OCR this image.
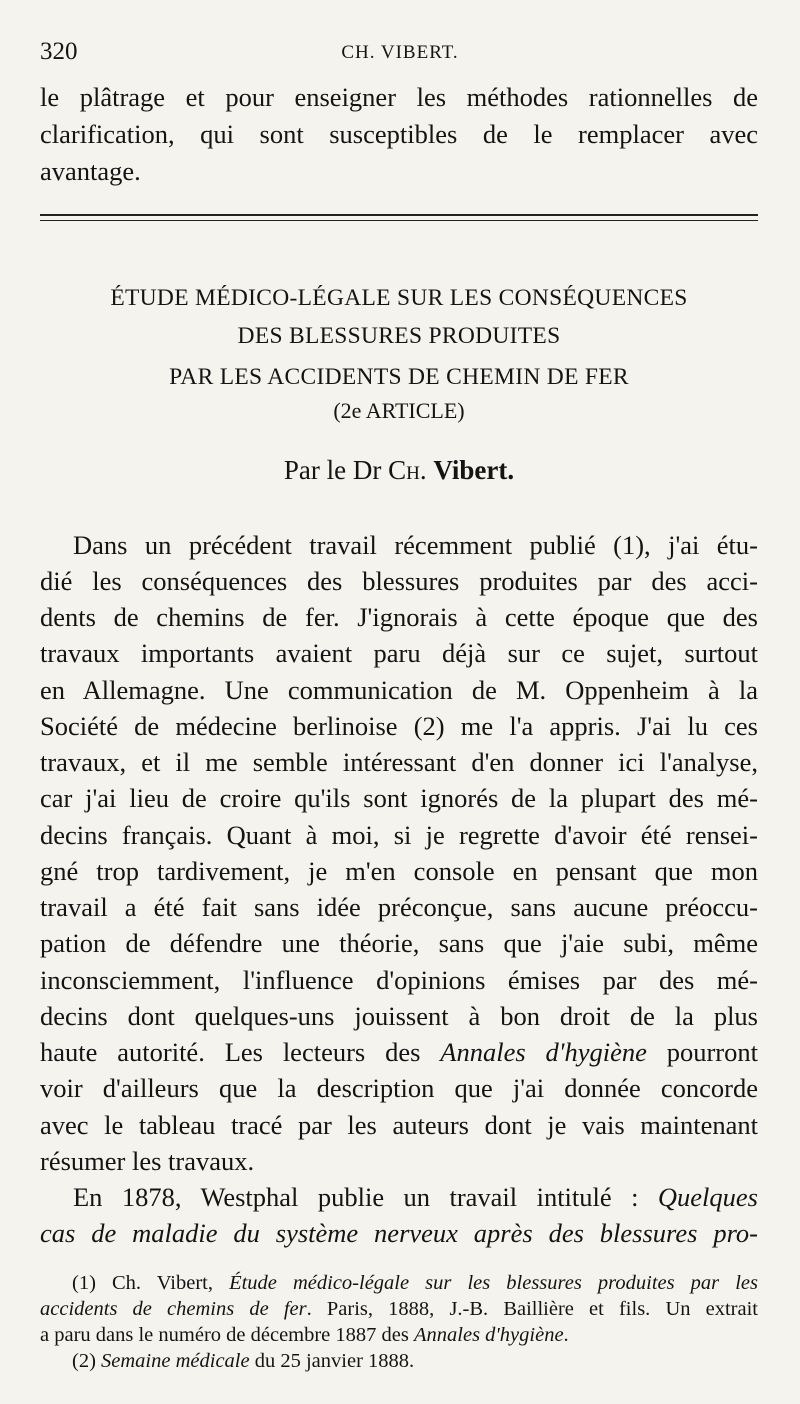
320	CH. VIBERT.
le plâtrage et pour enseigner les méthodes rationnelles de
clarification, qui sont susceptibles de le remplacer avec
avantage.
ÉTUDE MÉDICO-LÉGALE SUR LES CONSÉQUENCES
DES BLESSURES PRODUITES
PAR LES ACCIDENTS DE CHEMIN DE FER
(2e ARTICLE)
Par le Dr Ch. Vibert.
Dans un précédent travail récemment publié (1), j'ai étu-
dié les conséquences des blessures produites par des acci-
dents de chemins de fer. J'ignorais à cette époque que des
travaux importants avaient paru déjà sur ce sujet, surtout
en Allemagne. Une communication de M. Oppenheim à la
Société de médecine berlinoise (2) me l'a appris. J'ai lu ces
travaux, et il me semble intéressant d'en donner ici l'analyse,
car j'ai lieu de croire qu'ils sont ignorés de la plupart des mé-
decins français. Quant à moi, si je regrette d'avoir été rensei-
gné trop tardivement, je m'en console en pensant que mon
travail a été fait sans idée préconçue, sans aucune préoccu-
pation de défendre une théorie, sans que j'aie subi, même
inconsciemment, l'influence d'opinions émises par des mé-
decins dont quelques-uns jouissent à bon droit de la plus
haute autorité. Les lecteurs des Annales d'hygiène pourront
voir d'ailleurs que la description que j'ai donnée concorde
avec le tableau tracé par les auteurs dont je vais maintenant
résumer les travaux.
En 1878, Westphal publie un travail intitulé : Quelques
cas de maladie du système nerveux après des blessures pro-
(1) Ch. Vibert, Étude médico-légale sur les blessures produites par les
accidents de chemins de fer. Paris, 1888, J.-B. Baillière et fils. Un extrait
a paru dans le numéro de décembre 1887 des Annales d'hygiène.
(2) Semaine médicale du 25 janvier 1888.
